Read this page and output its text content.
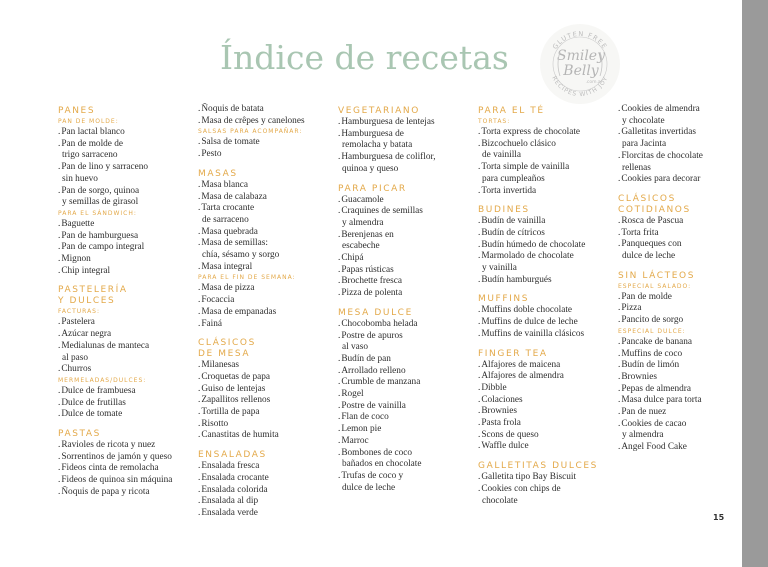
Índice de recetas	GLUTEN FREE
RECIPES WITH JOY
Smiley
Belly
.com.ar
PANES
PAN DE MOLDE:
.Pan lactal blanco
.Pan de molde de
trigo sarraceno
.Pan de lino y sarraceno
sin huevo
.Pan de sorgo, quinoa
y semillas de girasol
PARA EL SÁNDWICH:
.Baguette
.Pan de hamburguesa
.Pan de campo integral
.Mignon
.Chip integral
PASTELERÍA
Y DULCES
FACTURAS:
.Pastelera
.Azúcar negra
.Medialunas de manteca
al paso
.Churros
MERMELADAS/DULCES:
.Dulce de frambuesa
.Dulce de frutillas
.Dulce de tomate
PASTAS
.Ravioles de ricota y nuez
.Sorrentinos de jamón y queso
.Fideos cinta de remolacha
.Fideos de quinoa sin máquina
.Ñoquis de papa y ricota
.Ñoquis de batata
.Masa de crêpes y canelones
SALSAS PARA ACOMPAÑAR:
.Salsa de tomate
.Pesto
MASAS
.Masa blanca
.Masa de calabaza
.Tarta crocante
de sarraceno
.Masa quebrada
.Masa de semillas:
chía, sésamo y sorgo
.Masa integral
PARA EL FIN DE SEMANA:
.Masa de pizza
.Focaccia
.Masa de empanadas
.Fainá
CLÁSICOS
DE MESA
.Milanesas
.Croquetas de papa
.Guiso de lentejas
.Zapallitos rellenos
.Tortilla de papa
.Risotto
.Canastitas de humita
ENSALADAS
.Ensalada fresca
.Ensalada crocante
.Ensalada colorida
.Ensalada al dip
.Ensalada verde
VEGETARIANO
.Hamburguesa de lentejas
.Hamburguesa de
remolacha y batata
.Hamburguesa de coliflor,
quinoa y queso
PARA PICAR
.Guacamole
.Craquines de semillas
y almendra
.Berenjenas en
escabeche
.Chipá
.Papas rústicas
.Brochette fresca
.Pizza de polenta
MESA DULCE
.Chocobomba helada
.Postre de apuros
al vaso
.Budín de pan
.Arrollado relleno
.Crumble de manzana
.Rogel
.Postre de vainilla
.Flan de coco
.Lemon pie
.Marroc
.Bombones de coco
bañados en chocolate
.Trufas de coco y
dulce de leche
PARA EL TÉ
TORTAS:
.Torta express de chocolate
.Bizcochuelo clásico
de vainilla
.Torta simple de vainilla
para cumpleaños
.Torta invertida
BUDINES
.Budín de vainilla
.Budín de cítricos
.Budín húmedo de chocolate
.Marmolado de chocolate
y vainilla
.Budín hamburgués
MUFFINS
.Muffins doble chocolate
.Muffins de dulce de leche
.Muffins de vainilla clásicos
FINGER TEA
.Alfajores de maicena
.Alfajores de almendra
.Dibble
.Colaciones
.Brownies
.Pasta frola
.Scons de queso
.Waffle dulce
GALLETITAS DULCES
.Galletita tipo Bay Biscuit
.Cookies con chips de
chocolate
.Cookies de almendra
y chocolate
.Galletitas invertidas
para Jacinta
.Florcitas de chocolate
rellenas
.Cookies para decorar
CLÁSICOS
COTIDIANOS
.Rosca de Pascua
.Torta frita
.Panqueques con
dulce de leche
SIN LÁCTEOS
ESPECIAL SALADO:
.Pan de molde
.Pizza
.Pancito de sorgo
ESPECIAL DULCE:
.Pancake de banana
.Muffins de coco
.Budín de limón
.Brownies
.Pepas de almendra
.Masa dulce para torta
.Pan de nuez
.Cookies de cacao
y almendra
.Angel Food Cake
15
